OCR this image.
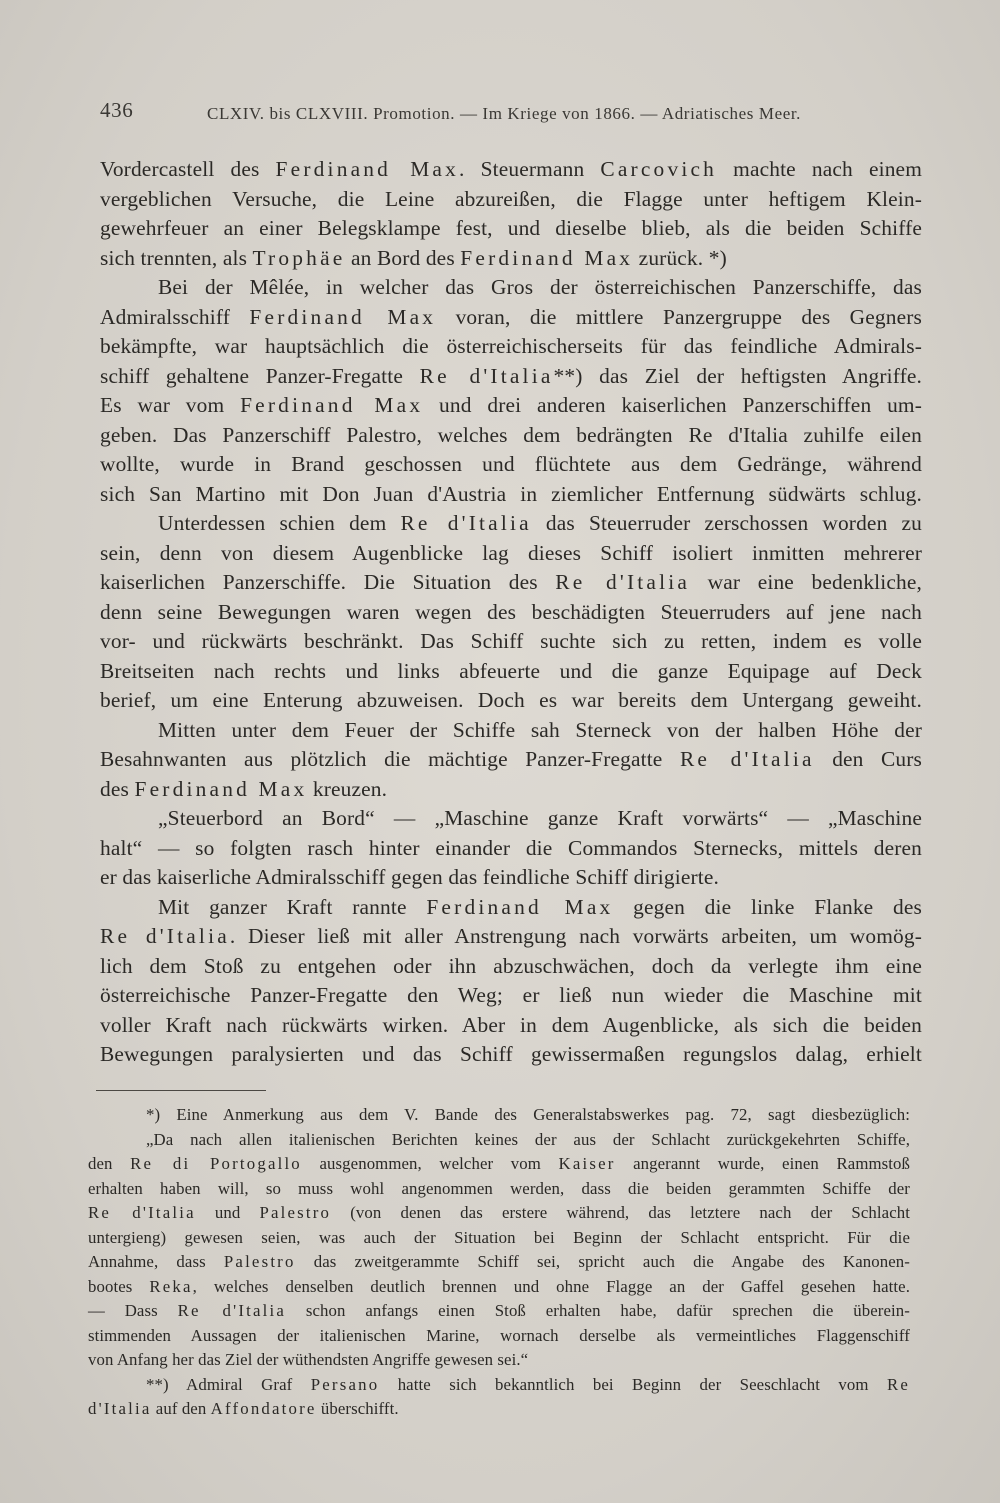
436	CLXIV. bis CLXVIII. Promotion. — Im Kriege von 1866. — Adriatisches Meer.
Vordercastell des Ferdinand Max. Steuermann Carcovich machte nach einem
vergeblichen Versuche, die Leine abzureißen, die Flagge unter heftigem Klein-
gewehrfeuer an einer Belegsklampe fest, und dieselbe blieb, als die beiden Schiffe
sich trennten, als Trophäe an Bord des Ferdinand Max zurück. *)
Bei der Mêlée, in welcher das Gros der österreichischen Panzerschiffe, das
Admiralsschiff Ferdinand Max voran, die mittlere Panzergruppe des Gegners
bekämpfte, war hauptsächlich die österreichischerseits für das feindliche Admirals-
schiff gehaltene Panzer-Fregatte Re d'Italia**) das Ziel der heftigsten Angriffe.
Es war vom Ferdinand Max und drei anderen kaiserlichen Panzerschiffen um-
geben. Das Panzerschiff Palestro, welches dem bedrängten Re d'Italia zuhilfe eilen
wollte, wurde in Brand geschossen und flüchtete aus dem Gedränge, während
sich San Martino mit Don Juan d'Austria in ziemlicher Entfernung südwärts schlug.
Unterdessen schien dem Re d'Italia das Steuerruder zerschossen worden zu
sein, denn von diesem Augenblicke lag dieses Schiff isoliert inmitten mehrerer
kaiserlichen Panzerschiffe. Die Situation des Re d'Italia war eine bedenkliche,
denn seine Bewegungen waren wegen des beschädigten Steuerruders auf jene nach
vor- und rückwärts beschränkt. Das Schiff suchte sich zu retten, indem es volle
Breitseiten nach rechts und links abfeuerte und die ganze Equipage auf Deck
berief, um eine Enterung abzuweisen. Doch es war bereits dem Untergang geweiht.
Mitten unter dem Feuer der Schiffe sah Sterneck von der halben Höhe der
Besahnwanten aus plötzlich die mächtige Panzer-Fregatte Re d'Italia den Curs
des Ferdinand Max kreuzen.
„Steuerbord an Bord“ — „Maschine ganze Kraft vorwärts“ — „Maschine
halt“ — so folgten rasch hinter einander die Commandos Sternecks, mittels deren
er das kaiserliche Admiralsschiff gegen das feindliche Schiff dirigierte.
Mit ganzer Kraft rannte Ferdinand Max gegen die linke Flanke des
Re d'Italia. Dieser ließ mit aller Anstrengung nach vorwärts arbeiten, um womög-
lich dem Stoß zu entgehen oder ihn abzuschwächen, doch da verlegte ihm eine
österreichische Panzer-Fregatte den Weg; er ließ nun wieder die Maschine mit
voller Kraft nach rückwärts wirken. Aber in dem Augenblicke, als sich die beiden
Bewegungen paralysierten und das Schiff gewissermaßen regungslos dalag, erhielt
*) Eine Anmerkung aus dem V. Bande des Generalstabswerkes pag. 72, sagt diesbezüglich:
„Da nach allen italienischen Berichten keines der aus der Schlacht zurückgekehrten Schiffe,
den Re di Portogallo ausgenommen, welcher vom Kaiser angerannt wurde, einen Rammstoß
erhalten haben will, so muss wohl angenommen werden, dass die beiden gerammten Schiffe der
Re d'Italia und Palestro (von denen das erstere während, das letztere nach der Schlacht
untergieng) gewesen seien, was auch der Situation bei Beginn der Schlacht entspricht. Für die
Annahme, dass Palestro das zweitgerammte Schiff sei, spricht auch die Angabe des Kanonen-
bootes Reka, welches denselben deutlich brennen und ohne Flagge an der Gaffel gesehen hatte.
— Dass Re d'Italia schon anfangs einen Stoß erhalten habe, dafür sprechen die überein-
stimmenden Aussagen der italienischen Marine, wornach derselbe als vermeintliches Flaggenschiff
von Anfang her das Ziel der wüthendsten Angriffe gewesen sei.“
**) Admiral Graf Persano hatte sich bekanntlich bei Beginn der Seeschlacht vom Re
d'Italia auf den Affondatore überschifft.
